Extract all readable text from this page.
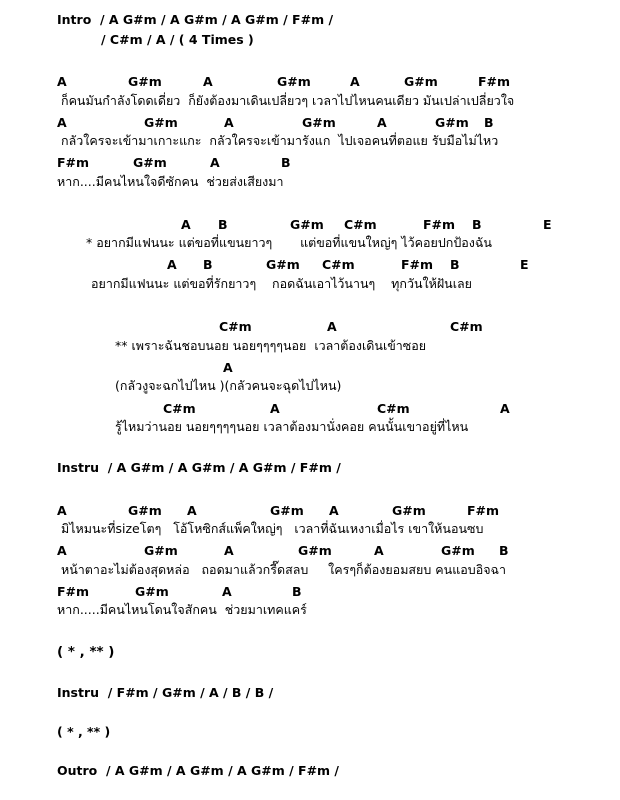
Intro  / A G#m / A G#m / A G#m / F#m /
/ C#m / A / ( 4 Times )
A	G#m	A	G#m	A	G#m	F#m
ก็คนมันกำลังโดดเดี่ยว  ก็ยังต้องมาเดินเปลี่ยวๆ เวลาไปไหนคนเดียว มันเปล่าเปลี่ยวใจ
A	G#m	A	G#m	A	G#m B
กลัวใครจะเข้ามาเกาะแกะ  กลัวใครจะเข้ามารังแก  ไปเจอคนที่ตอแย รับมือไม่ไหว
F#m	G#m	A	B
หาก....มีคนไหนใจดีซักคน  ช่วยส่งเสียงมา
A B	G#m C#m	F#m B	E
* อยากมีแฟนนะ แต่ขอที่แขนยาวๆ       แต่ขอที่แขนใหญ่ๆ ไว้คอยปกป้องฉัน
A B	G#m C#m	F#m B	E
อยากมีแฟนนะ แต่ขอที่รักยาวๆ    กอดฉันเอาไว้นานๆ    ทุกวันให้ฝันเลย
C#m	A	C#m
** เพราะฉันชอบนอย นอยๆๆๆๆนอย  เวลาต้องเดินเข้าซอย
A
(กลัวงูจะฉกไปไหน )(กลัวคนจะฉุดไปไหน)
C#m	A	C#m	A
รู้ไหมว่านอย นอยๆๆๆๆนอย เวลาต้องมานั่งคอย คนนั้นเขาอยู่ที่ไหน
Instru  / A G#m / A G#m / A G#m / F#m /
A	G#m A	G#m A	G#m	F#m
มิไหมนะที่sizeโตๆ   โอ้โหซิกส์แพ็คใหญ่ๆ   เวลาที่ฉันเหงาเมื่อไร เขาให้นอนซบ
A	G#m	A	G#m	A	G#m B
หน้าตาอะไม่ต้องสุดหล่อ   ถอดมาแล้วกรี๊ดสลบ     ใครๆก็ต้องยอมสยบ คนแอบอิจฉา
F#m	G#m	A	B
หาก.....มีคนไหนโดนใจสักคน  ช่วยมาเทคแคร์
( * , ** )
Instru  / F#m / G#m / A / B / B /
( * , ** )
Outro  / A G#m / A G#m / A G#m / F#m /
